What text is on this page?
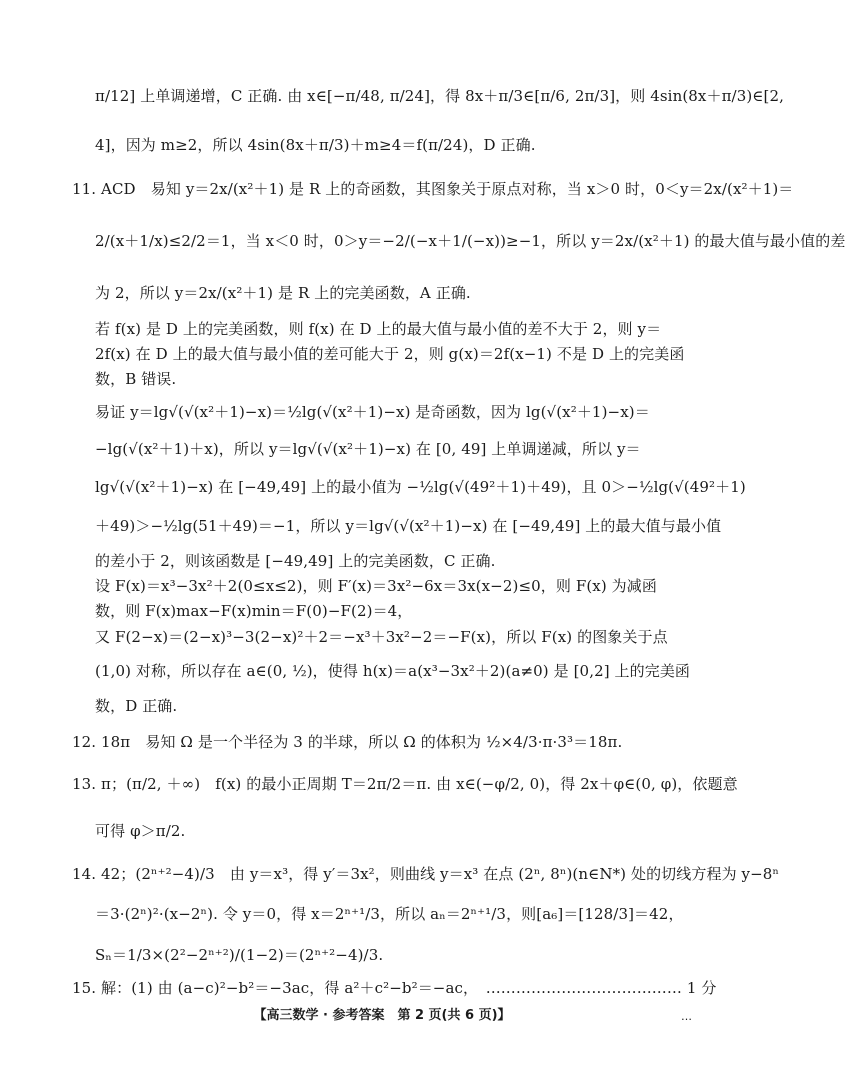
π/12] 上单调递增，C 正确. 由 x∈[−π/48, π/24]，得 8x＋π/3∈[π/6, 2π/3]，则 4sin(8x＋π/3)∈[2,
4]，因为 m≥2，所以 4sin(8x＋π/3)＋m≥4＝f(π/24)，D 正确.
11. ACD　易知 y＝2x/(x²＋1) 是 R 上的奇函数，其图象关于原点对称，当 x＞0 时，0＜y＝2x/(x²＋1)＝
2/(x＋1/x)≤2/2＝1，当 x＜0 时，0＞y＝−2/(−x＋1/(−x))≥−1，所以 y＝2x/(x²＋1) 的最大值与最小值的差
为 2，所以 y＝2x/(x²＋1) 是 R 上的完美函数，A 正确.
若 f(x) 是 D 上的完美函数，则 f(x) 在 D 上的最大值与最小值的差不大于 2，则 y＝
2f(x) 在 D 上的最大值与最小值的差可能大于 2，则 g(x)＝2f(x−1) 不是 D 上的完美函
数，B 错误.
易证 y＝lg√(√(x²＋1)−x)＝½lg(√(x²＋1)−x) 是奇函数，因为 lg(√(x²＋1)−x)＝
−lg(√(x²＋1)＋x)，所以 y＝lg√(√(x²＋1)−x) 在 [0, 49] 上单调递减，所以 y＝
lg√(√(x²＋1)−x) 在 [−49,49] 上的最小值为 −½lg(√(49²＋1)＋49)，且 0＞−½lg(√(49²＋1)
＋49)＞−½lg(51＋49)＝−1，所以 y＝lg√(√(x²＋1)−x) 在 [−49,49] 上的最大值与最小值
的差小于 2，则该函数是 [−49,49] 上的完美函数，C 正确.
设 F(x)＝x³−3x²＋2(0≤x≤2)，则 F′(x)＝3x²−6x＝3x(x−2)≤0，则 F(x) 为减函
数，则 F(x)max−F(x)min＝F(0)−F(2)＝4，
又 F(2−x)＝(2−x)³−3(2−x)²＋2＝−x³＋3x²−2＝−F(x)，所以 F(x) 的图象关于点
(1,0) 对称，所以存在 a∈(0, ½)，使得 h(x)＝a(x³−3x²＋2)(a≠0) 是 [0,2] 上的完美函
数，D 正确.
12. 18π　易知 Ω 是一个半径为 3 的半球，所以 Ω 的体积为 ½×4/3·π·3³＝18π.
13. π；(π/2, ＋∞)　f(x) 的最小正周期 T＝2π/2＝π. 由 x∈(−φ/2, 0)，得 2x＋φ∈(0, φ)，依题意
可得 φ＞π/2.
14. 42；(2ⁿ⁺²−4)/3　由 y＝x³，得 y′＝3x²，则曲线 y＝x³ 在点 (2ⁿ, 8ⁿ)(n∈N*) 处的切线方程为 y−8ⁿ
＝3·(2ⁿ)²·(x−2ⁿ). 令 y＝0，得 x＝2ⁿ⁺¹/3，所以 aₙ＝2ⁿ⁺¹/3，则[a₆]＝[128/3]＝42，
Sₙ＝1/3×(2²−2ⁿ⁺²)/(1−2)＝(2ⁿ⁺²−4)/3.
15. 解：(1) 由 (a−c)²−b²＝−3ac，得 a²＋c²−b²＝−ac，　………………………………… 1 分
【高三数学 · 参考答案　第 2 页(共 6 页)】	…
